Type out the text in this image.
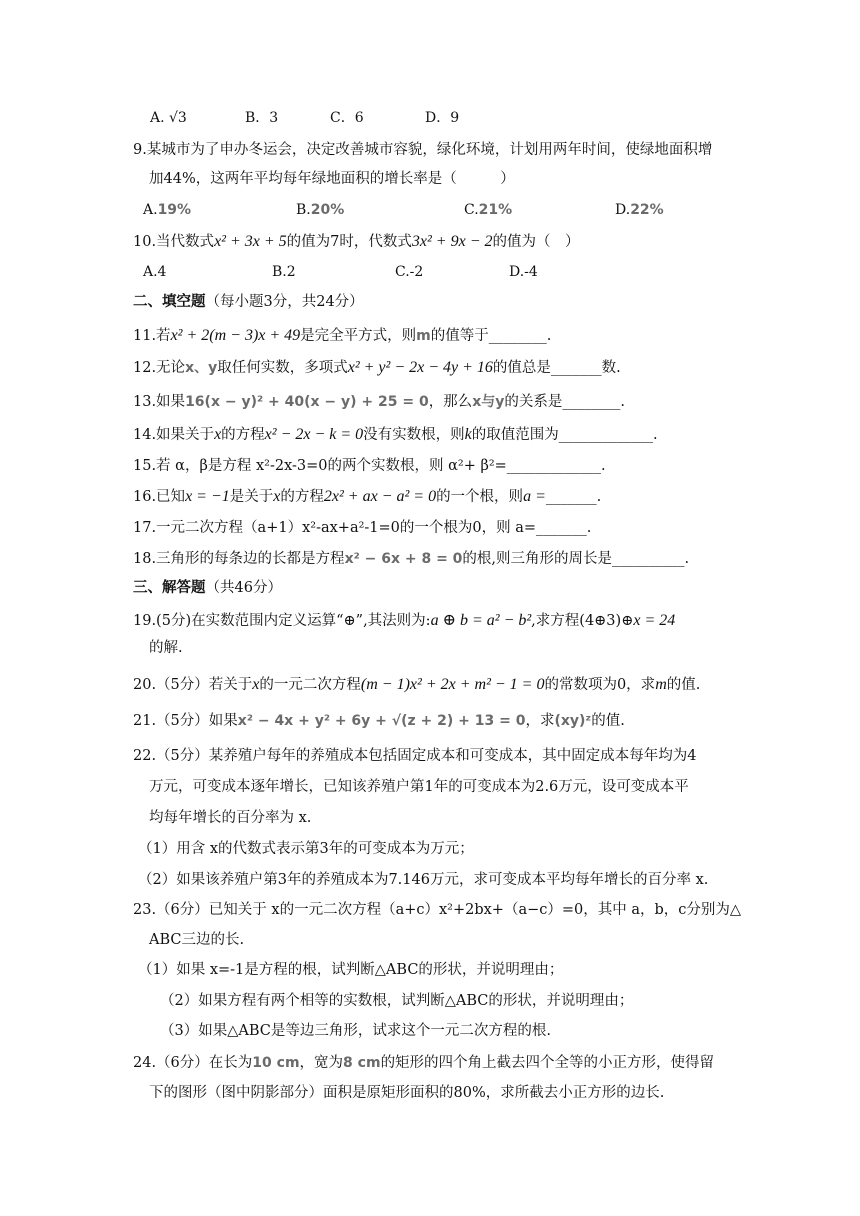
A. √3	B．3	C．6	D．9
9.某城市为了申办冬运会，决定改善城市容貌，绿化环境，计划用两年时间，使绿地面积增
加44%，这两年平均每年绿地面积的增长率是（　　　）
A.19%	B.20%	C.21%	D.22%
10.当代数式x² + 3x + 5的值为7时，代数式3x² + 9x − 2的值为（　）
A.4	B.2	C.-2	D.-4
二、填空题（每小题3分，共24分）
11.若x² + 2(m − 3)x + 49是完全平方式，则m的值等于________.
12.无论x、y取任何实数，多项式x² + y² − 2x − 4y + 16的值总是_______数.
13.如果16(x − y)² + 40(x − y) + 25 = 0，那么x与y的关系是________.
14.如果关于x的方程x² − 2x − k = 0没有实数根，则k的取值范围为_____________.
15.若 α，β是方程 x²-2x-3=0的两个实数根，则 α²+ β²=_____________.
16.已知x = −1是关于x的方程2x² + ax − a² = 0的一个根，则a =_______.
17.一元二次方程（a+1）x²-ax+a²-1=0的一个根为0，则 a=_______.
18.三角形的每条边的长都是方程x² − 6x + 8 = 0的根,则三角形的周长是__________.
三、解答题（共46分）
19.(5分)在实数范围内定义运算“⊕”,其法则为:a ⊕ b = a² − b²,求方程(4⊕3)⊕x = 24
的解.
20.（5分）若关于x的一元二次方程(m − 1)x² + 2x + m² − 1 = 0的常数项为0，求m的值.
21.（5分）如果x² − 4x + y² + 6y + √(z + 2) + 13 = 0，求(xy)ᶻ的值.
22.（5分）某养殖户每年的养殖成本包括固定成本和可变成本，其中固定成本每年均为4
万元，可变成本逐年增长，已知该养殖户第1年的可变成本为2.6万元，设可变成本平
均每年增长的百分率为 x.
（1）用含 x的代数式表示第3年的可变成本为万元；
（2）如果该养殖户第3年的养殖成本为7.146万元，求可变成本平均每年增长的百分率 x.
23.（6分）已知关于 x的一元二次方程（a+c）x²+2bx+（a−c）=0，其中 a，b，c分别为△
ABC三边的长.
（1）如果 x=-1是方程的根，试判断△ABC的形状，并说明理由；
（2）如果方程有两个相等的实数根，试判断△ABC的形状，并说明理由；
（3）如果△ABC是等边三角形，试求这个一元二次方程的根.
24.（6分）在长为10 cm，宽为8 cm的矩形的四个角上截去四个全等的小正方形，使得留
下的图形（图中阴影部分）面积是原矩形面积的80%，求所截去小正方形的边长.
